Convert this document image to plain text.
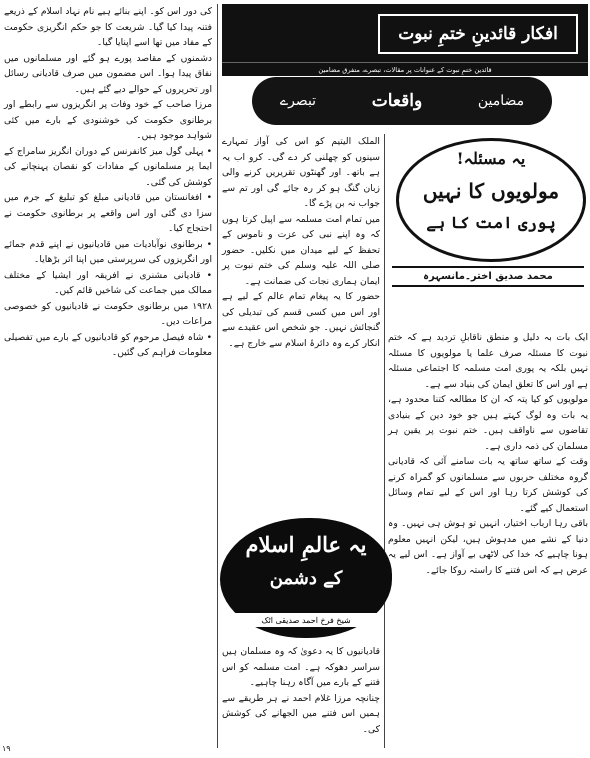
افکار قائدینِ ختمِ نبوت
قائدین ختمِ نبوت کے عنوانات پر مقالات، تبصرے، متفرق مضامین
مضامین
واقعات
تبصرے
یہ مسئلہ!
مولویوں کا نہیں
پوری امت کا ہے
محمد صدیق اختر۔مانسہرہ

ایک بات بہ دلیل و منطق ناقابلِ تردید ہے کہ ختم نبوت کا مسئلہ صرف علما یا مولویوں کا مسئلہ نہیں بلکہ یہ پوری امت مسلمہ کا اجتماعی مسئلہ ہے اور اس کا تعلق ایمان کی بنیاد سے ہے۔

مولویوں کو کیا پتہ کہ ان کا مطالعہ کتنا محدود ہے، یہ بات وہ لوگ کہتے ہیں جو خود دین کے بنیادی تقاضوں سے ناواقف ہیں۔ ختم نبوت پر یقین ہر مسلمان کی ذمہ داری ہے۔

وقت کے ساتھ ساتھ یہ بات سامنے آئی کہ قادیانی گروہ مختلف حربوں سے مسلمانوں کو گمراہ کرنے کی کوشش کرتا رہا اور اس کے لیے تمام وسائل استعمال کیے گئے۔

باقی رہا ارباب اختیار، انہیں تو ہوش ہی نہیں۔ وہ دنیا کے نشے میں مدہوش ہیں، لیکن انہیں معلوم ہونا چاہیے کہ خدا کی لاٹھی بے آواز ہے۔ اس لیے یہ عرض ہے کہ اس فتنے کا راستہ روکا جائے۔

الملک الیتیم کو اس کی آواز تمہارے سینوں کو چھلنی کر دے گی۔ کرو اب یہ ہے باتھ۔ اور گھنٹوں تقریریں کرنے والی زبان گنگ ہو کر رہ جائے گی اور تم سے جواب نہ بن پڑے گا۔

میں تمام امت مسلمہ سے اپیل کرتا ہوں کہ وہ اپنے نبی کی عزت و ناموس کے تحفظ کے لیے میدان میں نکلیں۔ حضور صلی اللہ علیہ وسلم کی ختم نبوت پر ایمان ہماری نجات کی ضمانت ہے۔

حضور کا یہ پیغام تمام عالم کے لیے ہے اور اس میں کسی قسم کی تبدیلی کی گنجائش نہیں۔ جو شخص اس عقیدے سے انکار کرے وہ دائرۂ اسلام سے خارج ہے۔

یہ عالمِ اسلام
کے دشمن
شیخ فرخ احمد صدیقی اٹک

قادیانیوں کا یہ دعویٰ کہ وہ مسلمان ہیں سراسر دھوکہ ہے۔ امت مسلمہ کو اس فتنے کے بارے میں آگاہ رہنا چاہیے۔

چنانچہ مرزا غلام احمد نے ہر طریقے سے ہمیں اس فتنے میں الجھانے کی کوشش کی۔

کی دور اس کو۔ اپنے بنائے ہیے نام نہاد اسلام کے ذریعے فتنہ پیدا کیا گیا۔ شریعت کا جو حکم انگریزی حکومت کے مفاد میں تھا اسے اپنایا گیا۔

دشمنوں کے مقاصد پورے ہو گئے اور مسلمانوں میں نفاق پیدا ہوا۔ اس مضمون میں صرف قادیانی رسائل اور تحریروں کے حوالے دیے گئے ہیں۔

مرزا صاحب کے خود وفات پر انگریزوں سے رابطے اور برطانوی حکومت کی خوشنودی کے بارے میں کئی شواہد موجود ہیں۔

• پہلی گول میز کانفرنس کے دوران انگریز سامراج کے ایما پر مسلمانوں کے مفادات کو نقصان پہنچانے کی کوشش کی گئی۔

• افغانستان میں قادیانی مبلغ کو تبلیغ کے جرم میں سزا دی گئی اور اس واقعے پر برطانوی حکومت نے احتجاج کیا۔

• برطانوی نوآبادیات میں قادیانیوں نے اپنے قدم جمائے اور انگریزوں کی سرپرستی میں اپنا اثر بڑھایا۔

• قادیانی مشنری نے افریقہ اور ایشیا کے مختلف ممالک میں جماعت کی شاخیں قائم کیں۔

۱۹۲۸ میں برطانوی حکومت نے قادیانیوں کو خصوصی مراعات دیں۔

• شاہ فیصل مرحوم کو قادیانیوں کے بارے میں تفصیلی معلومات فراہم کی گئیں۔

۱۹
